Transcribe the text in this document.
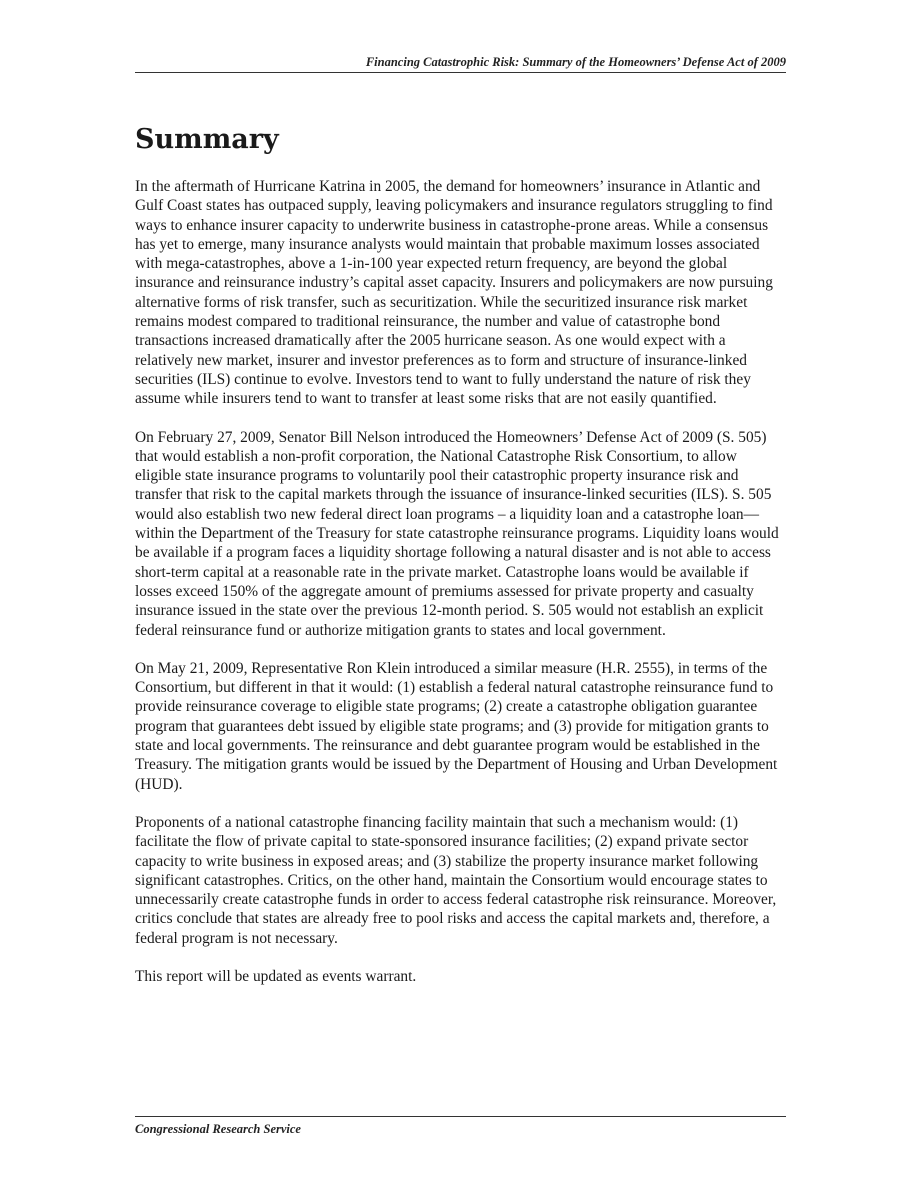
Financing Catastrophic Risk: Summary of the Homeowners’ Defense Act of 2009
Summary

In the aftermath of Hurricane Katrina in 2005, the demand for homeowners’ insurance in Atlantic and Gulf Coast states has outpaced supply, leaving policymakers and insurance regulators struggling to find ways to enhance insurer capacity to underwrite business in catastrophe-prone areas. While a consensus has yet to emerge, many insurance analysts would maintain that probable maximum losses associated with mega-catastrophes, above a 1-in-100 year expected return frequency, are beyond the global insurance and reinsurance industry’s capital asset capacity. Insurers and policymakers are now pursuing alternative forms of risk transfer, such as securitization. While the securitized insurance risk market remains modest compared to traditional reinsurance, the number and value of catastrophe bond transactions increased dramatically after the 2005 hurricane season. As one would expect with a relatively new market, insurer and investor preferences as to form and structure of insurance-linked securities (ILS) continue to evolve. Investors tend to want to fully understand the nature of risk they assume while insurers tend to want to transfer at least some risks that are not easily quantified.

On February 27, 2009, Senator Bill Nelson introduced the Homeowners’ Defense Act of 2009 (S. 505) that would establish a non-profit corporation, the National Catastrophe Risk Consortium, to allow eligible state insurance programs to voluntarily pool their catastrophic property insurance risk and transfer that risk to the capital markets through the issuance of insurance-linked securities (ILS). S. 505 would also establish two new federal direct loan programs – a liquidity loan and a catastrophe loan—within the Department of the Treasury for state catastrophe reinsurance programs. Liquidity loans would be available if a program faces a liquidity shortage following a natural disaster and is not able to access short-term capital at a reasonable rate in the private market. Catastrophe loans would be available if losses exceed 150% of the aggregate amount of premiums assessed for private property and casualty insurance issued in the state over the previous 12-month period. S. 505 would not establish an explicit federal reinsurance fund or authorize mitigation grants to states and local government.

On May 21, 2009, Representative Ron Klein introduced a similar measure (H.R. 2555), in terms of the Consortium, but different in that it would: (1) establish a federal natural catastrophe reinsurance fund to provide reinsurance coverage to eligible state programs; (2) create a catastrophe obligation guarantee program that guarantees debt issued by eligible state programs; and (3) provide for mitigation grants to state and local governments. The reinsurance and debt guarantee program would be established in the Treasury. The mitigation grants would be issued by the Department of Housing and Urban Development (HUD).

Proponents of a national catastrophe financing facility maintain that such a mechanism would: (1) facilitate the flow of private capital to state-sponsored insurance facilities; (2) expand private sector capacity to write business in exposed areas; and (3) stabilize the property insurance market following significant catastrophes. Critics, on the other hand, maintain the Consortium would encourage states to unnecessarily create catastrophe funds in order to access federal catastrophe risk reinsurance. Moreover, critics conclude that states are already free to pool risks and access the capital markets and, therefore, a federal program is not necessary.

This report will be updated as events warrant.

Congressional Research Service
